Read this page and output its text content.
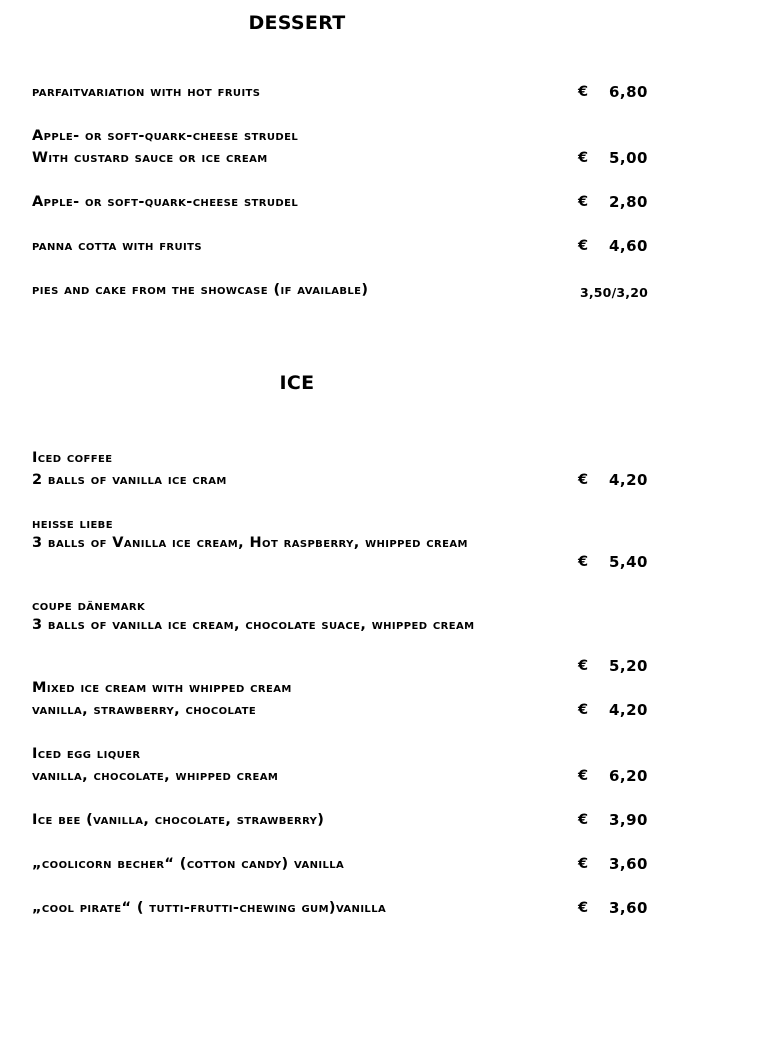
DESSERT
parfaitvariation with hot fruits	€ 6,80
Apple- or soft-quark-cheese strudel
With custard sauce or ice cream	€ 5,00
Apple- or soft-quark-cheese strudel	€ 2,80
panna cotta with fruits	€ 4,60
pies and cake from the showcase (if available)	3,50/3,20
ICE
Iced coffee
2 balls of vanilla ice cram	€ 4,20
heisse liebe
3 balls of Vanilla ice cream, Hot raspberry, whipped cream
€ 5,40
coupe dänemark
3 balls of vanilla ice cream, chocolate suace, whipped cream
€ 5,20
Mixed ice cream with whipped cream
vanilla, strawberry, chocolate	€ 4,20
Iced egg liquer
vanilla, chocolate, whipped cream	€ 6,20
Ice bee (vanilla, chocolate, strawberry)	€ 3,90
„coolicorn becher“ (cotton candy) vanilla	€ 3,60
„cool pirate“ ( tutti-frutti-chewing gum)vanilla	€ 3,60
